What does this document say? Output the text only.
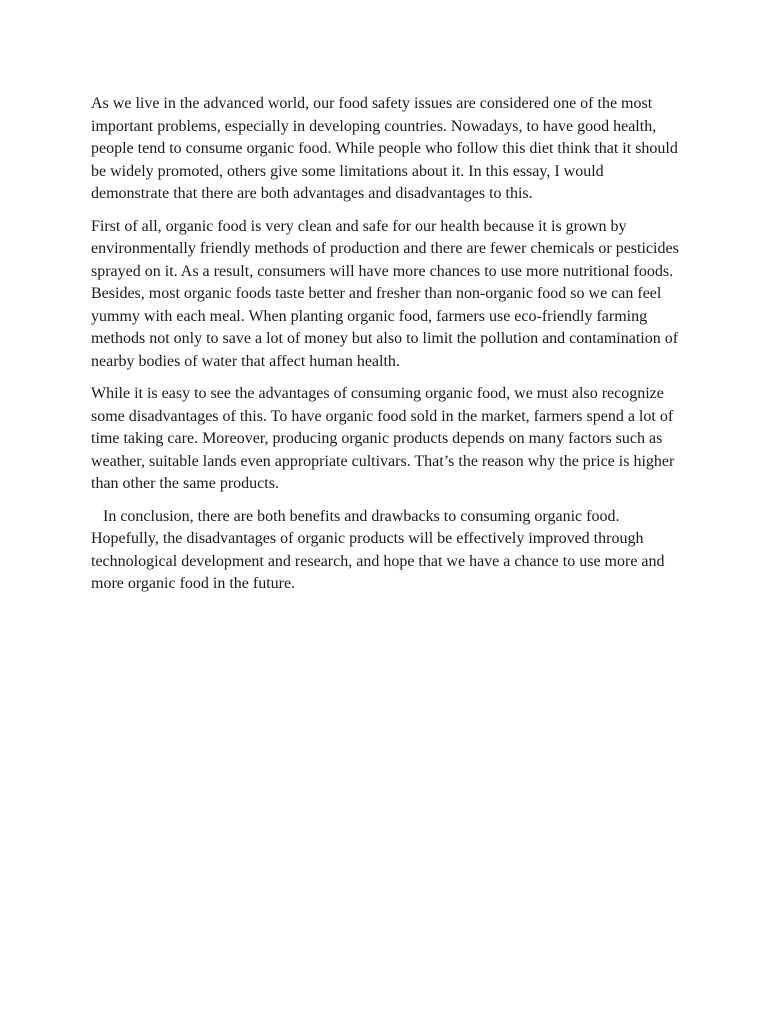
As we live in the advanced world, our food safety issues are considered one of the most important problems, especially in developing countries. Nowadays, to have good health, people tend to consume organic food. While people who follow this diet think that it should be widely promoted, others give some limitations about it. In this essay, I would demonstrate that there are both advantages and disadvantages to this.

First of all, organic food is very clean and safe for our health because it is grown by environmentally friendly methods of production and there are fewer chemicals or pesticides sprayed on it. As a result, consumers will have more chances to use more nutritional foods. Besides, most organic foods taste better and fresher than non-organic food so we can feel yummy with each meal. When planting organic food, farmers use eco-friendly farming methods not only to save a lot of money but also to limit the pollution and contamination of nearby bodies of water that affect human health.

While it is easy to see the advantages of consuming organic food, we must also recognize some disadvantages of this. To have organic food sold in the market, farmers spend a lot of time taking care. Moreover, producing organic products depends on many factors such as weather, suitable lands even appropriate cultivars. That’s the reason why the price is higher than other the same products.

In conclusion, there are both benefits and drawbacks to consuming organic food. Hopefully, the disadvantages of organic products will be effectively improved through technological development and research, and hope that we have a chance to use more and more organic food in the future.
